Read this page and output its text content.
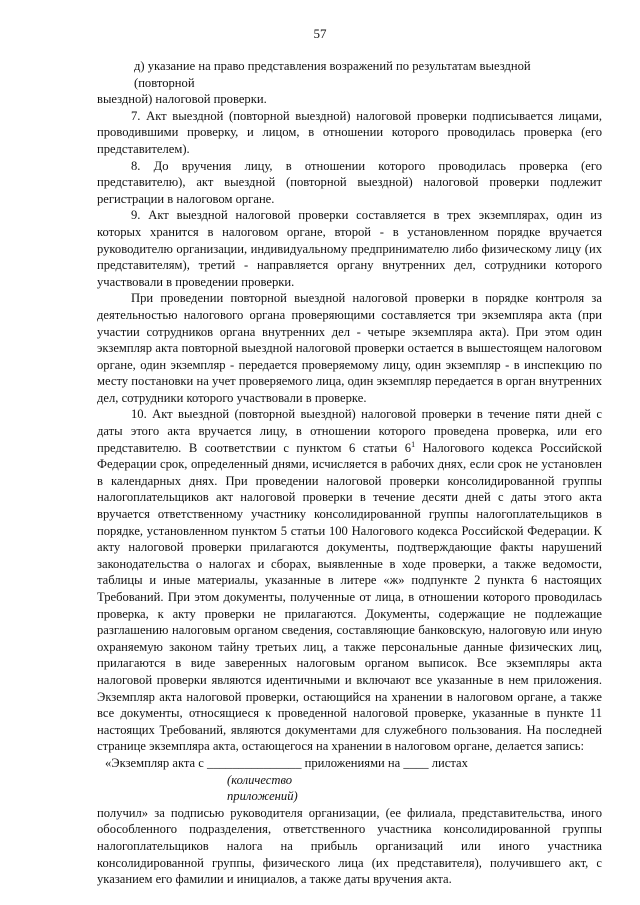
57

д) указание на право представления возражений по результатам выездной

(повторной

выездной) налоговой проверки.

7. Акт выездной (повторной выездной) налоговой проверки подписывается лицами, проводившими проверку, и лицом, в отношении которого проводилась проверка (его представителем).

8. До вручения лицу, в отношении которого проводилась проверка (его представителю), акт выездной (повторной выездной) налоговой проверки подлежит регистрации в налоговом органе.

9. Акт выездной налоговой проверки составляется в трех экземплярах, один из которых хранится в налоговом органе, второй - в установленном порядке вручается руководителю организации, индивидуальному предпринимателю либо физическому лицу (их представителям), третий - направляется органу внутренних дел, сотрудники которого участвовали в проведении проверки.

При проведении повторной выездной налоговой проверки в порядке контроля за деятельностью налогового органа проверяющими составляется три экземпляра акта (при участии сотрудников органа внутренних дел - четыре экземпляра акта). При этом один экземпляр акта повторной выездной налоговой проверки остается в вышестоящем налоговом органе, один экземпляр - передается проверяемому лицу, один экземпляр - в инспекцию по месту постановки на учет проверяемого лица, один экземпляр передается в орган внутренних дел, сотрудники которого участвовали в проверке.

10. Акт выездной (повторной выездной) налоговой проверки в течение пяти дней с даты этого акта вручается лицу, в отношении которого проведена проверка, или его представителю. В соответствии с пунктом 6 статьи $6^1$ Налогового кодекса Российской Федерации срок, определенный днями, исчисляется в рабочих днях, если срок не установлен в календарных днях. При проведении налоговой проверки консолидированной группы налогоплательщиков акт налоговой проверки в течение десяти дней с даты этого акта вручается ответственному участнику консолидированной группы налогоплательщиков в порядке, установленном пунктом 5 статьи 100 Налогового кодекса Российской Федерации. К акту налоговой проверки прилагаются документы, подтверждающие факты нарушений законодательства о налогах и сборах, выявленные в ходе проверки, а также ведомости, таблицы и иные материалы, указанные в литере «ж» подпункте 2 пункта 6 настоящих Требований. При этом документы, полученные от лица, в отношении которого проводилась проверка, к акту проверки не прилагаются. Документы, содержащие не подлежащие разглашению налоговым органом сведения, составляющие банковскую, налоговую или иную охраняемую законом тайну третьих лиц, а также персональные данные физических лиц, прилагаются в виде заверенных налоговым органом выписок. Все экземпляры акта налоговой проверки являются идентичными и включают все указанные в нем приложения. Экземпляр акта налоговой проверки, остающийся на хранении в налоговом органе, а также все документы, относящиеся к проведенной налоговой проверке, указанные в пункте 11 настоящих Требований, являются документами для служебного пользования. На последней странице экземпляра акта, остающегося на хранении в налоговом органе, делается запись:

«Экземпляр акта с _______________ приложениями на ____ листах

(количество

приложений)

получил» за подписью руководителя организации, (ее филиала, представительства, иного обособленного подразделения, ответственного участника консолидированной группы налогоплательщиков налога на прибыль организаций или иного участника консолидированной группы, физического лица (их представителя), получившего акт, с указанием его фамилии и инициалов, а также даты вручения акта.
